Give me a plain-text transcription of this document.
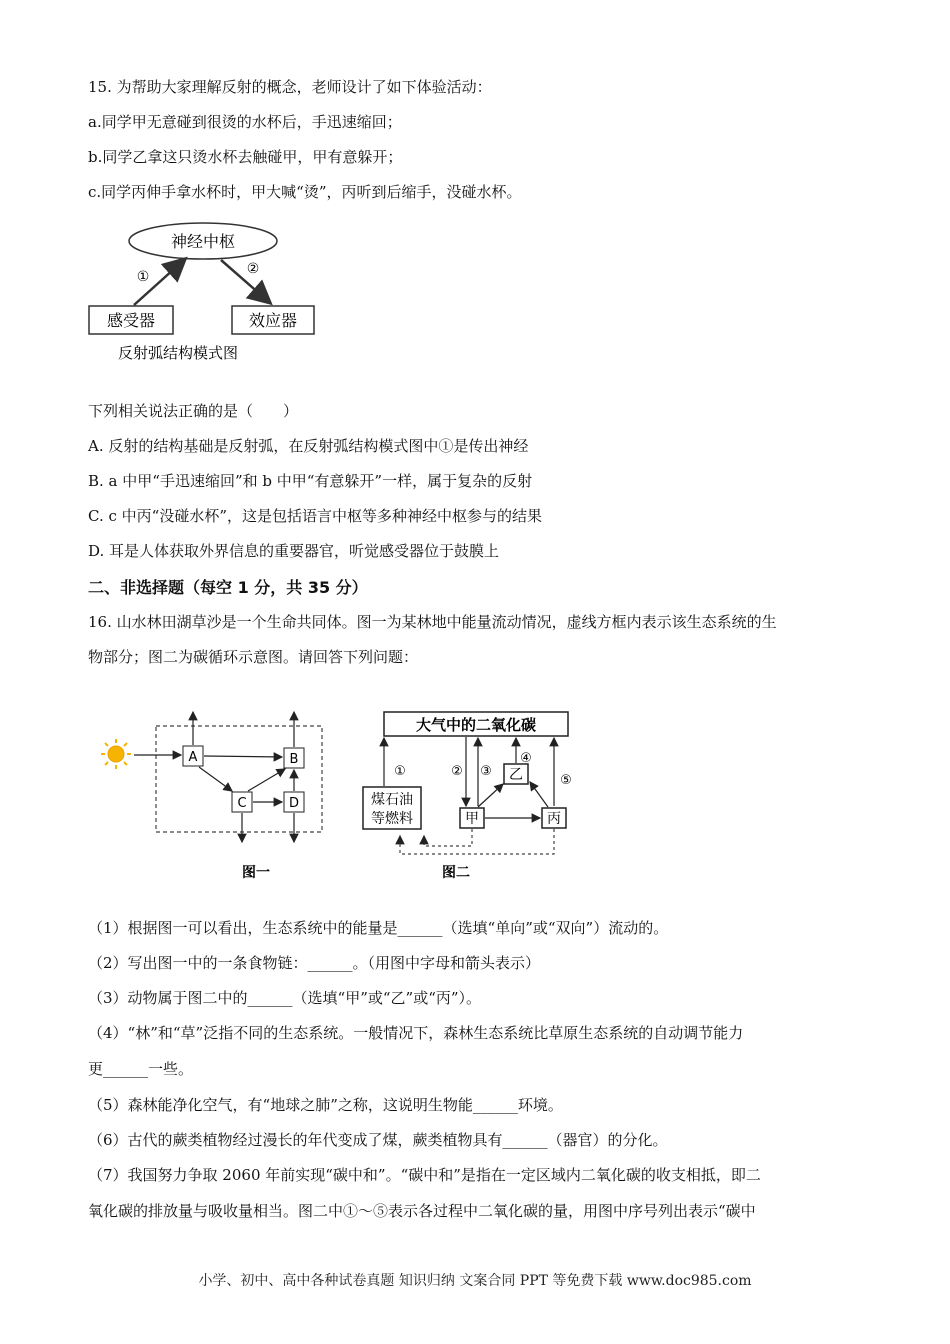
15. 为帮助大家理解反射的概念，老师设计了如下体验活动：
a.同学甲无意碰到很烫的水杯后，手迅速缩回；
b.同学乙拿这只烫水杯去触碰甲，甲有意躲开；
c.同学丙伸手拿水杯时，甲大喊“烫”，丙听到后缩手，没碰水杯。
神经中枢
感受器	效应器
①	②
反射弧结构模式图
下列相关说法正确的是（　　）
A. 反射的结构基础是反射弧，在反射弧结构模式图中①是传出神经
B. a 中甲“手迅速缩回”和 b 中甲“有意躲开”一样，属于复杂的反射
C. c 中丙“没碰水杯”，这是包括语言中枢等多种神经中枢参与的结果
D. 耳是人体获取外界信息的重要器官，听觉感受器位于鼓膜上
二、非选择题（每空 1 分，共 35 分）
16. 山水林田湖草沙是一个生命共同体。图一为某林地中能量流动情况，虚线方框内表示该生态系统的生
物部分；图二为碳循环示意图。请回答下列问题：
A	B
C	D
图一
大气中的二氧化碳
煤石油
等燃料	甲
乙
丙
①	② ③
④
⑤
图二
（1）根据图一可以看出，生态系统中的能量是______（选填“单向”或“双向”）流动的。
（2）写出图一中的一条食物链：______。（用图中字母和箭头表示）
（3）动物属于图二中的______（选填“甲”或“乙”或“丙”）。
（4）“林”和“草”泛指不同的生态系统。一般情况下，森林生态系统比草原生态系统的自动调节能力
更______一些。
（5）森林能净化空气，有“地球之肺”之称，这说明生物能______环境。
（6）古代的蕨类植物经过漫长的年代变成了煤，蕨类植物具有______（器官）的分化。
（7）我国努力争取 2060 年前实现“碳中和”。“碳中和”是指在一定区域内二氧化碳的收支相抵，即二
氧化碳的排放量与吸收量相当。图二中①～⑤表示各过程中二氧化碳的量，用图中序号列出表示“碳中
小学、初中、高中各种试卷真题 知识归纳 文案合同 PPT 等免费下载 www.doc985.com
